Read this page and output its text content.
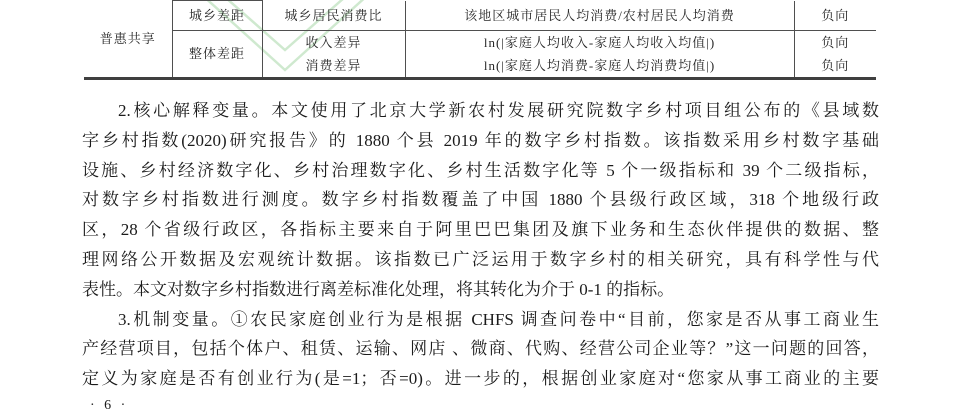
普惠共享	城乡差距	城乡居民消费比	该地区城市居民人均消费/农村居民人均消费	负向
	整体差距	收入差异	ln(|家庭人均收入-家庭人均收入均值|)	负向
		消费差异	ln(|家庭人均消费-家庭人均消费均值|)	负向
2.核心解释变量。本文使用了北京大学新农村发展研究院数字乡村项目组公布的《县域数
字乡村指数(2020)研究报告》的 1880 个县 2019 年的数字乡村指数。该指数采用乡村数字基础
设施、乡村经济数字化、乡村治理数字化、乡村生活数字化等 5 个一级指标和 39 个二级指标，
对数字乡村指数进行测度。数字乡村指数覆盖了中国 1880 个县级行政区域，318 个地级行政
区，28 个省级行政区，各指标主要来自于阿里巴巴集团及旗下业务和生态伙伴提供的数据、整
理网络公开数据及宏观统计数据。该指数已广泛运用于数字乡村的相关研究，具有科学性与代
表性。本文对数字乡村指数进行离差标准化处理，将其转化为介于 0-1 的指标。
3.机制变量。①农民家庭创业行为是根据 CHFS 调查问卷中“目前，您家是否从事工商业生
产经营项目，包括个体户、租赁、运输、网店 、微商、代购、经营公司企业等？”这一问题的回答，
定义为家庭是否有创业行为(是=1；否=0)。进一步的，根据创业家庭对“您家从事工商业的主要
· 6 ·
